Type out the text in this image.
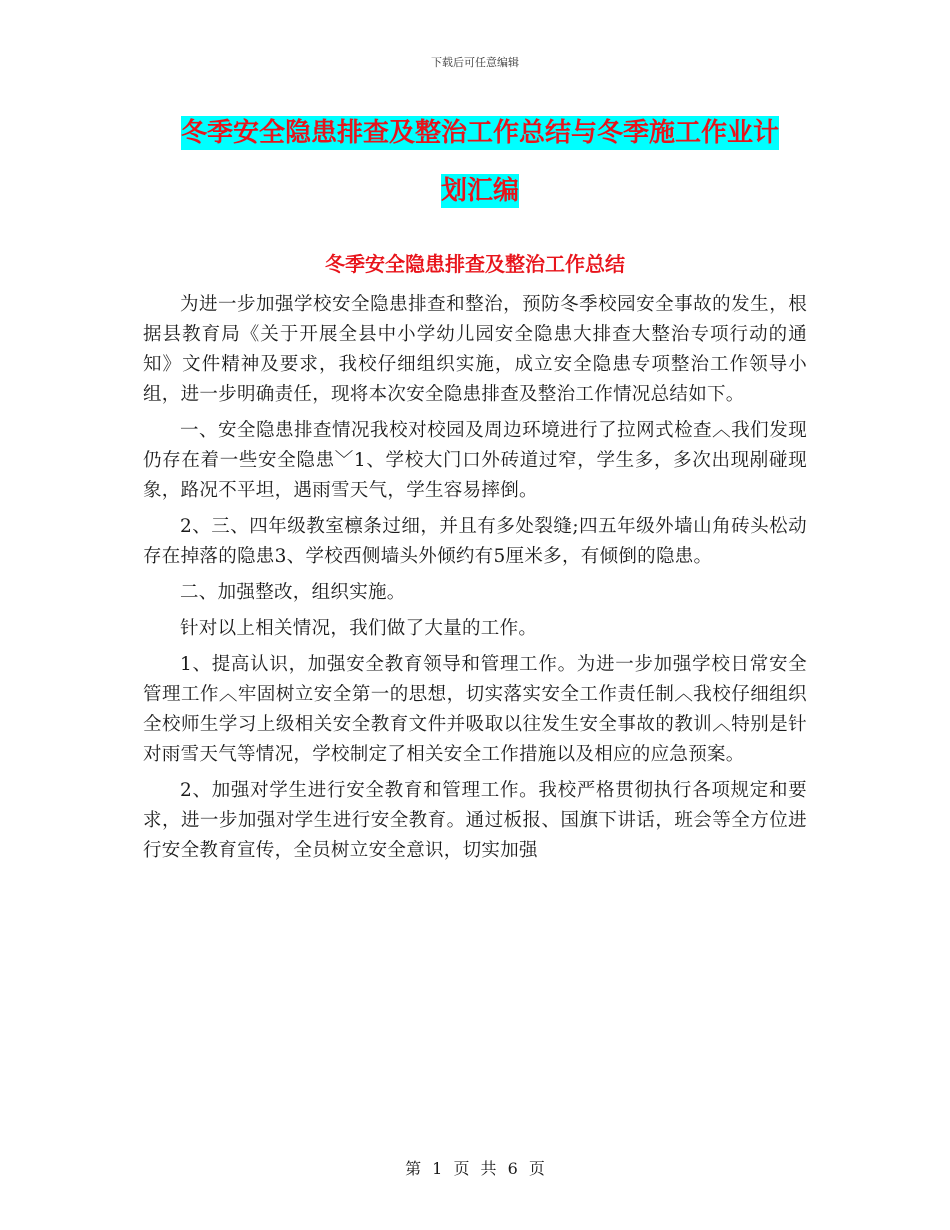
下载后可任意编辑
冬季安全隐患排查及整治工作总结与冬季施工作业计
划汇编
冬季安全隐患排查及整治工作总结

为进一步加强学校安全隐患排查和整治，预防冬季校园安全事故的发生，根据县教育局《关于开展全县中小学幼儿园安全隐患大排查大整治专项行动的通知》文件精神及要求，我校仔细组织实施，成立安全隐患专项整治工作领导小组，进一步明确责任，现将本次安全隐患排查及整治工作情况总结如下。

一、安全隐患排查情况我校对校园及周边环境进行了拉网式检查︿我们发现仍存在着一些安全隐患﹀1、学校大门口外砖道过窄，学生多，多次出现剐碰现象，路况不平坦，遇雨雪天气，学生容易摔倒。

2、三、四年级教室檩条过细，并且有多处裂缝;四五年级外墙山角砖头松动存在掉落的隐患3、学校西侧墙头外倾约有5厘米多，有倾倒的隐患。

二、加强整改，组织实施。

针对以上相关情况，我们做了大量的工作。

1、提高认识，加强安全教育领导和管理工作。为进一步加强学校日常安全管理工作︿牢固树立安全第一的思想，切实落实安全工作责任制︿我校仔细组织全校师生学习上级相关安全教育文件并吸取以往发生安全事故的教训︿特别是针对雨雪天气等情况，学校制定了相关安全工作措施以及相应的应急预案。

2、加强对学生进行安全教育和管理工作。我校严格贯彻执行各项规定和要求，进一步加强对学生进行安全教育。通过板报、国旗下讲话，班会等全方位进行安全教育宣传，全员树立安全意识，切实加强

第 1 页 共 6 页
